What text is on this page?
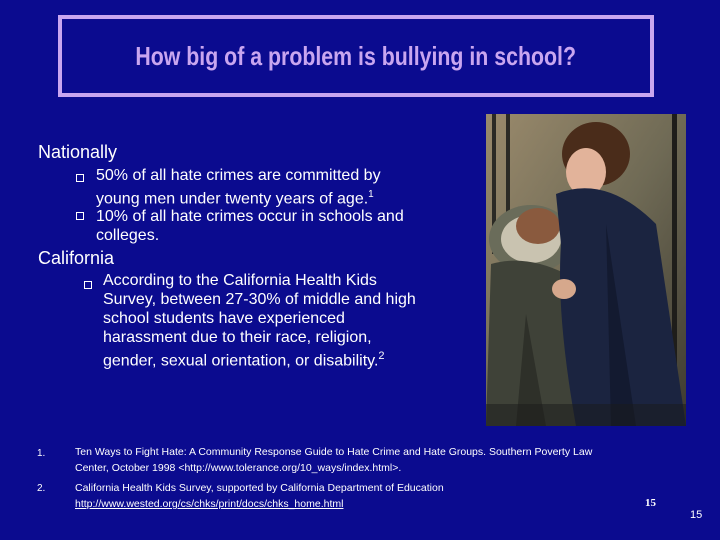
How big of a problem is bullying in school?
Nationally
50% of all hate crimes are committed by
young men under twenty years of age.$^1$
10% of all hate crimes occur in schools and
colleges.
California
According to the California Health Kids
Survey, between 27-30% of middle and high
school students have experienced
harassment due to their race, religion,
gender, sexual orientation, or disability.$^2$
1.	Ten Ways to Fight Hate: A Community Response Guide to Hate Crime and Hate Groups. Southern Poverty Law
Center, October 1998 <http://www.tolerance.org/10_ways/index.html>.
2.	California Health Kids Survey, supported by California Department of Education
http://www.wested.org/cs/chks/print/docs/chks_home.html	15
15
